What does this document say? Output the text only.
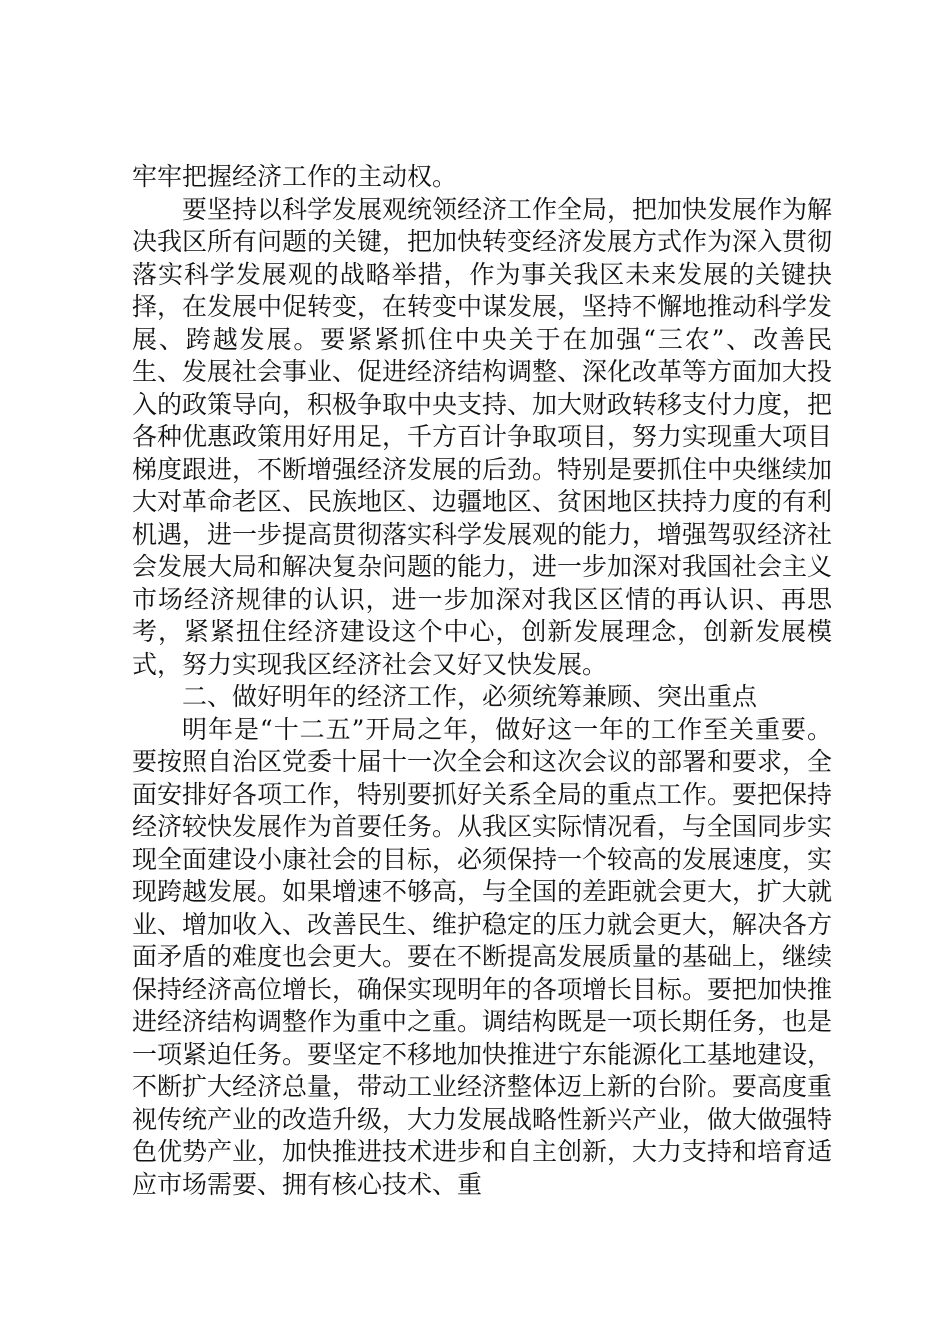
牢牢把握经济工作的主动权。

要坚持以科学发展观统领经济工作全局，把加快发展作为解决我区所有问题的关键，把加快转变经济发展方式作为深入贯彻落实科学发展观的战略举措，作为事关我区未来发展的关键抉择，在发展中促转变，在转变中谋发展，坚持不懈地推动科学发展、跨越发展。要紧紧抓住中央关于在加强“三农”、改善民生、发展社会事业、促进经济结构调整、深化改革等方面加大投入的政策导向，积极争取中央支持、加大财政转移支付力度，把各种优惠政策用好用足，千方百计争取项目，努力实现重大项目梯度跟进，不断增强经济发展的后劲。特别是要抓住中央继续加大对革命老区、民族地区、边疆地区、贫困地区扶持力度的有利机遇，进一步提高贯彻落实科学发展观的能力，增强驾驭经济社会发展大局和解决复杂问题的能力，进一步加深对我国社会主义市场经济规律的认识，进一步加深对我区区情的再认识、再思考，紧紧扭住经济建设这个中心，创新发展理念，创新发展模式，努力实现我区经济社会又好又快发展。

二、做好明年的经济工作，必须统筹兼顾、突出重点

明年是“十二五”开局之年，做好这一年的工作至关重要。要按照自治区党委十届十一次全会和这次会议的部署和要求，全面安排好各项工作，特别要抓好关系全局的重点工作。要把保持经济较快发展作为首要任务。从我区实际情况看，与全国同步实现全面建设小康社会的目标，必须保持一个较高的发展速度，实现跨越发展。如果增速不够高，与全国的差距就会更大，扩大就业、增加收入、改善民生、维护稳定的压力就会更大，解决各方面矛盾的难度也会更大。要在不断提高发展质量的基础上，继续保持经济高位增长，确保实现明年的各项增长目标。要把加快推进经济结构调整作为重中之重。调结构既是一项长期任务，也是一项紧迫任务。要坚定不移地加快推进宁东能源化工基地建设，不断扩大经济总量，带动工业经济整体迈上新的台阶。要高度重视传统产业的改造升级，大力发展战略性新兴产业，做大做强特色优势产业，加快推进技术进步和自主创新，大力支持和培育适应市场需要、拥有核心技术、重
